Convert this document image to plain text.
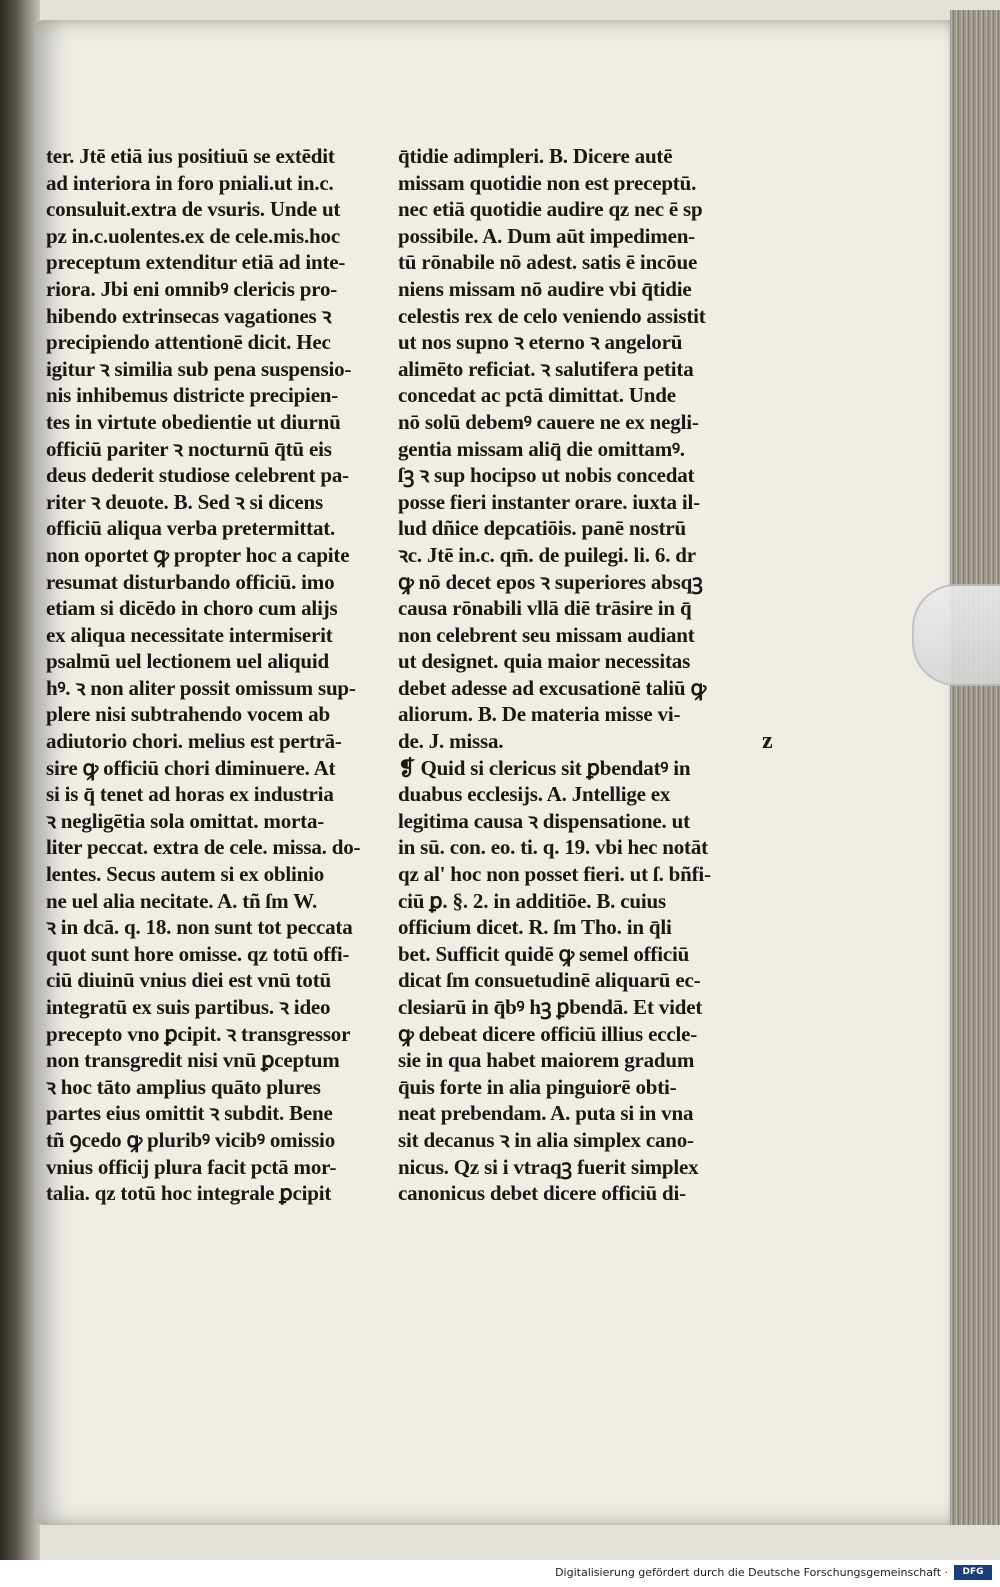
ter. Jtē etiā ius positiuū se extēdit
ad interiora in foro pniali.ut in.c.
consuluit.extra de vsuris. Unde ut
pz in.c.uolentes.ex de cele.mis.hoc
preceptum extenditur etiā ad inte-
riora. Jbi eni omnibꝰ clericis pro-
hibendo extrinsecas vagationes ꝛ
precipiendo attentionē dicit. Hec
igitur ꝛ similia sub pena suspensio-
nis inhibemus districte precipien-
tes in virtute obedientie ut diurnū
officiū pariter ꝛ nocturnū q̄tū eis
deus dederit studiose celebrent pa-
riter ꝛ deuote. B. Sed ꝛ si dicens
officiū aliqua verba pretermittat.
non oportet ꝙ propter hoc a capite
resumat disturbando officiū. imo
etiam si dicēdo in choro cum alijs
ex aliqua necessitate intermiserit
psalmū uel lectionem uel aliquid
hꝰ. ꝛ non aliter possit omissum sup-
plere nisi subtrahendo vocem ab
adiutorio chori. melius est pertrā-
sire ꝙ officiū chori diminuere. At
si is q̄ tenet ad horas ex industria
ꝛ negligētia sola omittat. morta-
liter peccat. extra de cele. missa. do-
lentes. Secus autem si ex oblinio
ne uel alia necitate. A. tñ ſm W.
ꝛ in dcā. q. 18. non sunt tot peccata
quot sunt hore omisse. qz totū offi-
ciū diuinū vnius diei est vnū totū
integratū ex suis partibus. ꝛ ideo
precepto vno ꝑcipit. ꝛ transgressor
non transgredit nisi vnū ꝑceptum
ꝛ hoc tāto amplius quāto plures
partes eius omittit ꝛ subdit. Bene
tñ ꝯcedo ꝙ pluribꝰ vicibꝰ omissio
vnius officij plura facit pctā mor-
talia. qz totū hoc integrale ꝑcipit
q̄tidie adimpleri. B. Dicere autē
missam quotidie non est preceptū.
nec etiā quotidie audire qz nec ē sp
possibile. A. Dum aūt impedimen-
tū rōnabile nō adest. satis ē incōue
niens missam nō audire vbi q̄tidie
celestis rex de celo veniendo assistit
ut nos supno ꝛ eterno ꝛ angelorū
alimēto reficiat. ꝛ salutifera petita
concedat ac pctā dimittat. Unde
nō solū debemꝰ cauere ne ex negli-
gentia missam aliq̄ die omittamꝰ.
ſꝫ ꝛ sup hocipso ut nobis concedat
posse fieri instanter orare. iuxta il-
lud dñice depcatiōis. panē nostrū
ꝛc. Jtē in.c. qm̄. de puilegi. li. 6. dr
ꝙ nō decet epos ꝛ superiores absqꝫ
causa rōnabili vllā diē trāsire in q̄
non celebrent seu missam audiant
ut designet. quia maior necessitas
debet adesse ad excusationē taliū ꝙ
aliorum. B. De materia misse vi-
de. J. missa.
❡ Quid si clericus sit ꝑbendatꝰ in
duabus ecclesijs. A. Jntellige ex
legitima causa ꝛ dispensatione. ut
in sū. con. eo. ti. q. 19. vbi hec notāt
qz al' hoc non posset fieri. ut ſ. bñfi-
ciū ꝑ. §. 2. in additiōe. B. cuius
officium dicet. R. ſm Tho. in q̄li
bet. Sufficit quidē ꝙ semel officiū
dicat ſm consuetudinē aliquarū ec-
clesiarū in q̄bꝰ hꝫ ꝑbendā. Et videt
ꝙ debeat dicere officiū illius eccle-
sie in qua habet maiorem gradum
q̄uis forte in alia pinguiorē obti-
neat prebendam. A. puta si in vna
sit decanus ꝛ in alia simplex cano-
nicus. Qz si i vtraqꝫ fuerit simplex
canonicus debet dicere officiū di-
z
Digitalisierung gefördert durch die Deutsche Forschungsgemeinschaft ·	DFG
